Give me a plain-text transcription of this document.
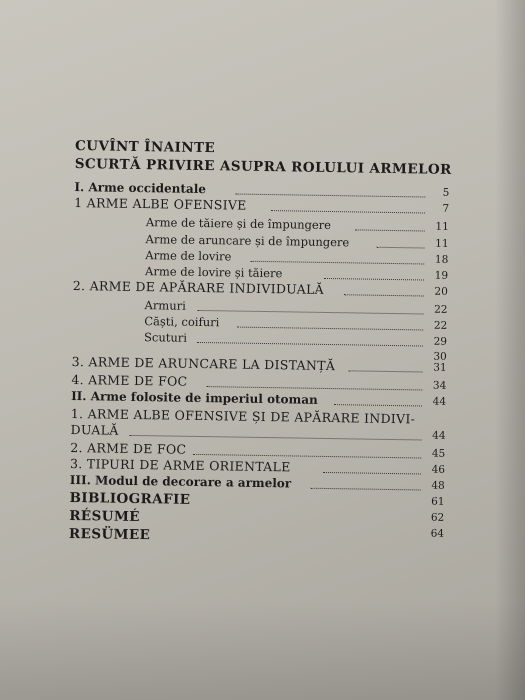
CUVÎNT ÎNAINTE
SCURTĂ PRIVIRE ASUPRA ROLULUI ARMELOR
I. Arme occidentale	5
1 ARME ALBE OFENSIVE	7
Arme de tăiere și de împungere	11
Arme de aruncare și de împungere	11
Arme de lovire	18
Arme de lovire și tăiere	19
2. ARME DE APĂRARE INDIVIDUALĂ	20
Armuri	22
Căști, coifuri	22
Scuturi	29
30
3. ARME DE ARUNCARE LA DISTANȚĂ	31
4. ARME DE FOC	34
II. Arme folosite de imperiul otoman	44
1. ARME ALBE OFENSIVE ȘI DE APĂRARE INDIVI-
DUALĂ	44
2. ARME DE FOC	45
3. TIPURI DE ARME ORIENTALE	46
III. Modul de decorare a armelor	48
BIBLIOGRAFIE	61
RÉSUMÉ	62
RESÜMEE	64
